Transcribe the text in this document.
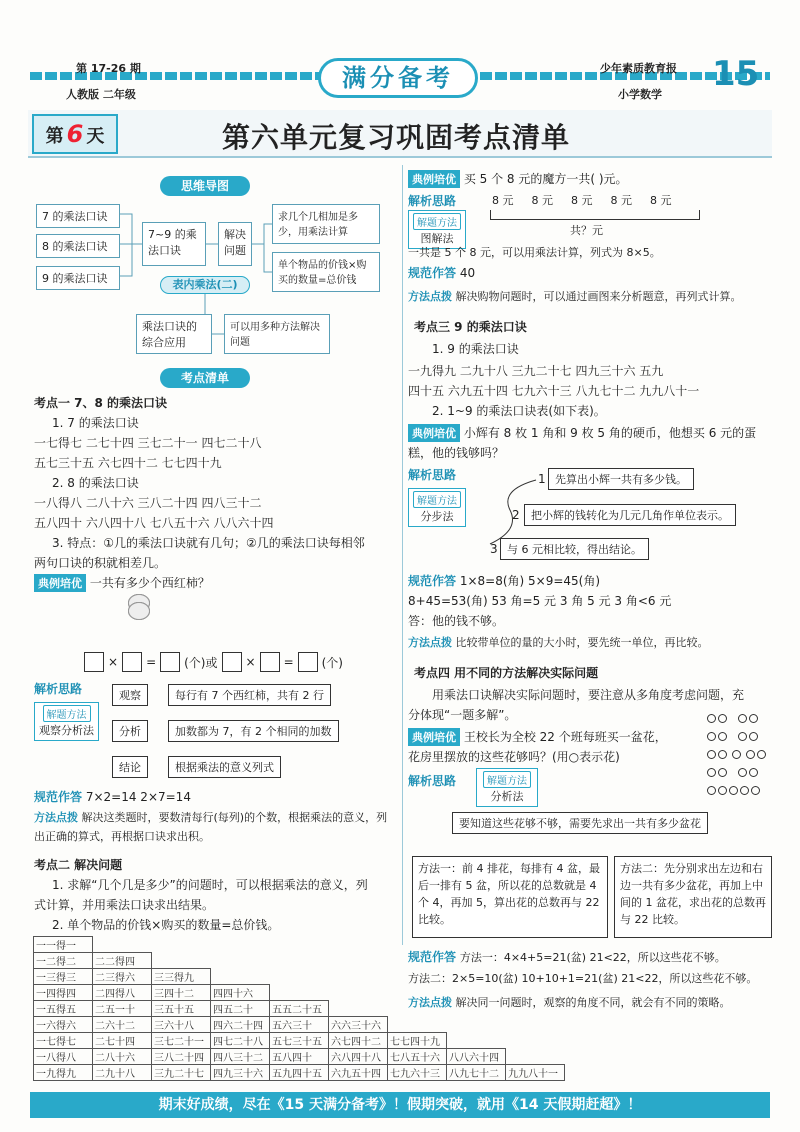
第 17-26 期
人教版 二年级
满分备考	少年素质教育报
小学数学
15
第 6 天	第六单元复习巩固考点清单
思维导图
7 的乘法口诀
8 的乘法口诀
9 的乘法口诀
7~9 的乘法口诀
解决问题
求几个几相加是多少，用乘法计算
单个物品的价钱×购买的数量=总价钱
表内乘法(二)
乘法口诀的综合应用
可以用多种方法解决问题
考点清单
考点一 7、8 的乘法口诀
1. 7 的乘法口诀
一七得七 二七十四 三七二十一 四七二十八
五七三十五 六七四十二 七七四十九
2. 8 的乘法口诀
一八得八 二八十六 三八二十四 四八三十二
五八四十 六八四十八 七八五十六 八八六十四
3. 特点：①几的乘法口诀就有几句；②几的乘法口诀每相邻
两句口诀的积就相差几。
典例培优 一共有多少个西红柿？
× = (个)或 × = (个)
解析思路
解题方法
观察分析法
观察	每行有 7 个西红柿，共有 2 行
分析	加数都为 7，有 2 个相同的加数
结论	根据乘法的意义列式
规范作答 7×2=14 2×7=14
方法点拨 解决这类题时，要数清每行(每列)的个数，根据乘法的意义，列出正确的算式，再根据口诀求出积。
考点二 解决问题
1. 求解“几个几是多少”的问题时，可以根据乘法的意义，列
式计算，并用乘法口诀求出结果。
2. 单个物品的价钱×购买的数量=总价钱。
一一得一								
一二得二	二二得四							
一三得三	二三得六	三三得九						
一四得四	二四得八	三四十二	四四十六					
一五得五	二五一十	三五十五	四五二十	五五二十五				
一六得六	二六十二	三六十八	四六二十四	五六三十	六六三十六			
一七得七	二七十四	三七二十一	四七二十八	五七三十五	六七四十二	七七四十九		
一八得八	二八十六	三八二十四	四八三十二	五八四十	六八四十八	七八五十六	八八六十四	
一九得九	二九十八	三九二十七	四九三十六	五九四十五	六九五十四	七九六十三	八九七十二	九九八十一
典例培优 买 5 个 8 元的魔方一共( )元。
解析思路
解题方法
图解法
8 元 8 元 8 元 8 元 8 元
共？元
一共是 5 个 8 元，可以用乘法计算，列式为 8×5。
规范作答 40
方法点拨 解决购物问题时，可以通过画图来分析题意，再列式计算。
考点三 9 的乘法口诀
1. 9 的乘法口诀
一九得九 二九十八 三九二十七 四九三十六 五九
四十五 六九五十四 七九六十三 八九七十二 九九八十一
2. 1~9 的乘法口诀表(如下表)。
典例培优 小辉有 8 枚 1 角和 9 枚 5 角的硬币，他想买 6 元的蛋
糕，他的钱够吗？
解析思路
解题方法
分步法
1 先算出小辉一共有多少钱。
2	把小辉的钱转化为几元几角作单位表示。
3 与 6 元相比较，得出结论。
规范作答 1×8=8(角) 5×9=45(角)
8+45=53(角) 53 角=5 元 3 角 5 元 3 角<6 元
答：他的钱不够。
方法点拨 比较带单位的量的大小时，要先统一单位，再比较。
考点四 用不同的方法解决实际问题
用乘法口诀解决实际问题时，要注意从多角度考虑问题，充
分体现“一题多解”。
典例培优 王校长为全校 22 个班每班买一盆花，
花房里摆放的这些花够吗？(用○表示花)

解析思路	解题方法
分析法
要知道这些花够不够，需要先求出一共有多少盆花
方法一：前 4 排花，每排有 4 盆，最后一排有 5 盆，所以花的总数就是 4 个 4，再加 5，算出花的总数再与 22 比较。
方法二：先分别求出左边和右边一共有多少盆花，再加上中间的 1 盆花，求出花的总数再与 22 比较。
规范作答 方法一：4×4+5=21(盆) 21<22，所以这些花不够。
方法二：2×5=10(盆) 10+10+1=21(盆) 21<22，所以这些花不够。
方法点拨 解决同一问题时，观察的角度不同，就会有不同的策略。
期末好成绩，尽在《15 天满分备考》！假期突破，就用《14 天假期赶超》！
